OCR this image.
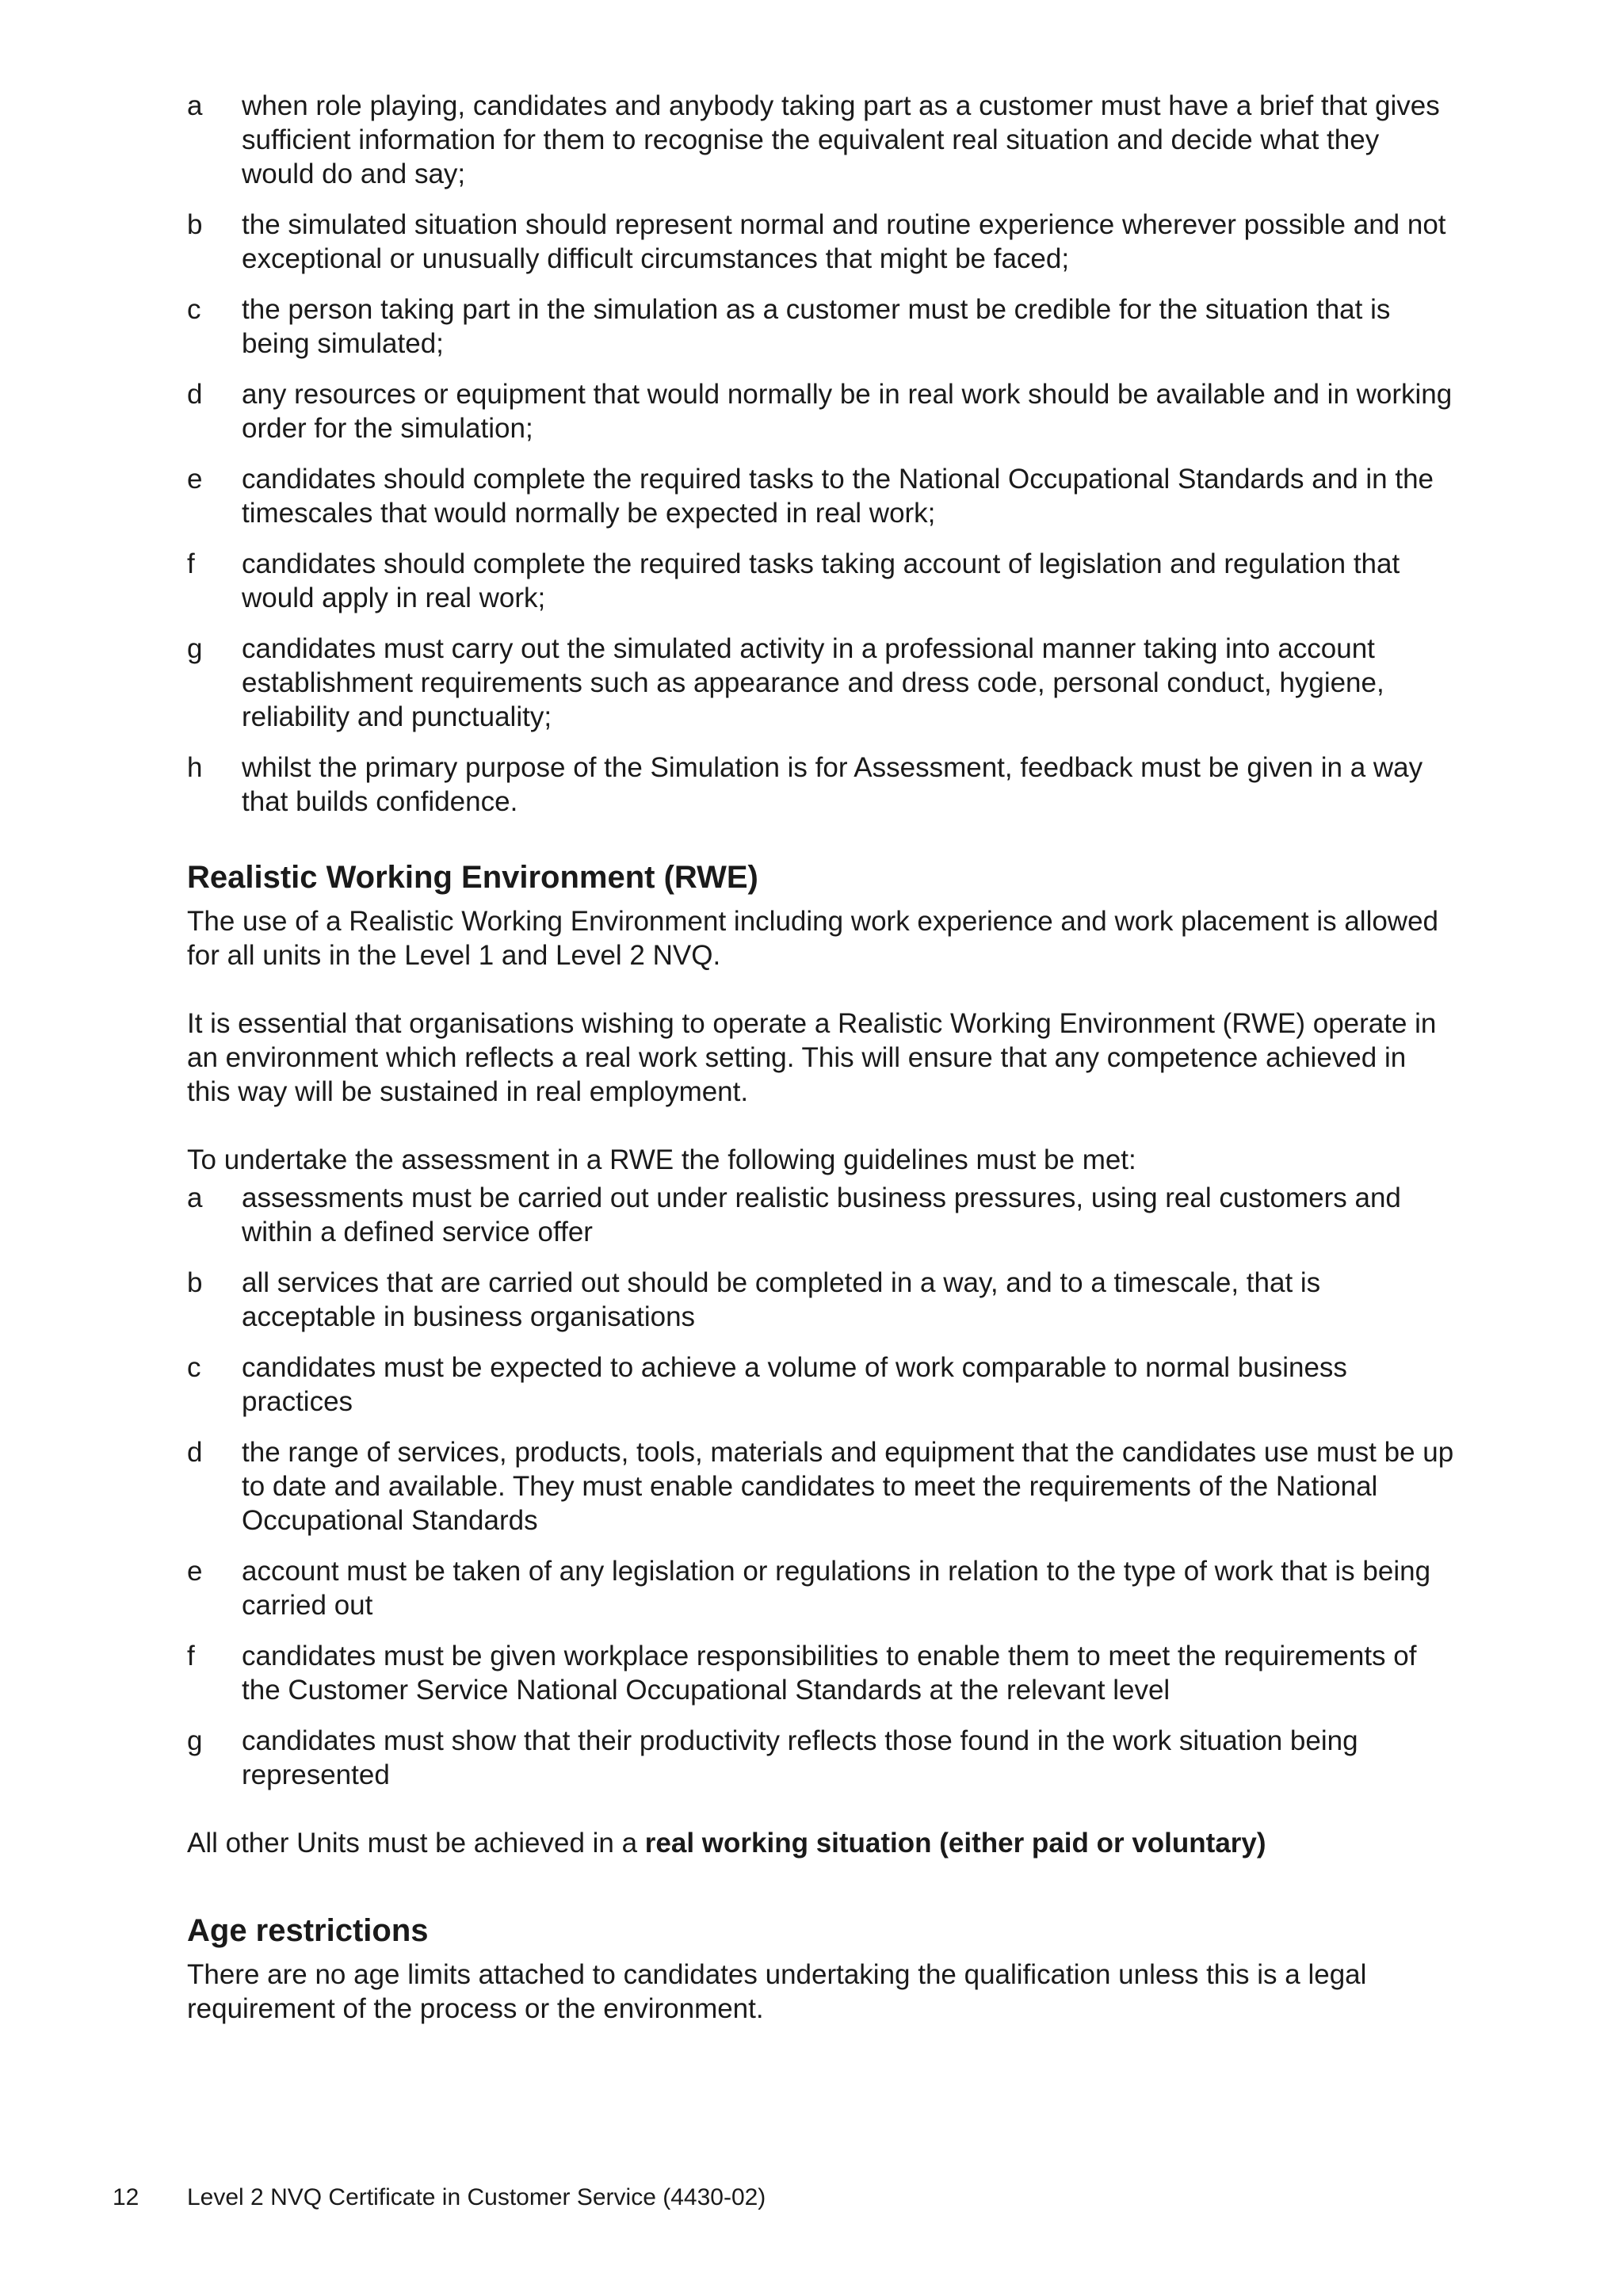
a	when role playing, candidates and anybody taking part as a customer must have a brief that gives sufficient information for them to recognise the equivalent real situation and decide what they would do and say;
b	the simulated situation should represent normal and routine experience wherever possible and not exceptional or unusually difficult circumstances that might be faced;
c	the person taking part in the simulation as a customer must be credible for the situation that is being simulated;
d	any resources or equipment that would normally be in real work should be available and in working order for the simulation;
e	candidates should complete the required tasks to the National Occupational Standards and in the timescales that would normally be expected in real work;
f	candidates should complete the required tasks taking account of legislation and regulation that would apply in real work;
g	candidates must carry out the simulated activity in a professional manner taking into account establishment requirements such as appearance and dress code, personal conduct, hygiene, reliability and punctuality;
h	whilst the primary purpose of the Simulation is for Assessment, feedback must be given in a way that builds confidence.
Realistic Working Environment (RWE)

The use of a Realistic Working Environment including work experience and work placement is allowed for all units in the Level 1 and Level 2 NVQ.

It is essential that organisations wishing to operate a Realistic Working Environment (RWE) operate in an environment which reflects a real work setting. This will ensure that any competence achieved in this way will be sustained in real employment.

To undertake the assessment in a RWE the following guidelines must be met:

a	assessments must be carried out under realistic business pressures, using real customers and within a defined service offer
b	all services that are carried out should be completed in a way, and to a timescale, that is acceptable in business organisations
c	candidates must be expected to achieve a volume of work comparable to normal business practices
d	the range of services, products, tools, materials and equipment that the candidates use must be up to date and available. They must enable candidates to meet the requirements of the National Occupational Standards
e	account must be taken of any legislation or regulations in relation to the type of work that is being carried out
f	candidates must be given workplace responsibilities to enable them to meet the requirements of the Customer Service National Occupational Standards at the relevant level
g	candidates must show that their productivity reflects those found in the work situation being represented

All other Units must be achieved in a real working situation (either paid or voluntary)

Age restrictions

There are no age limits attached to candidates undertaking the qualification unless this is a legal requirement of the process or the environment.

12	Level 2 NVQ Certificate in Customer Service (4430-02)
